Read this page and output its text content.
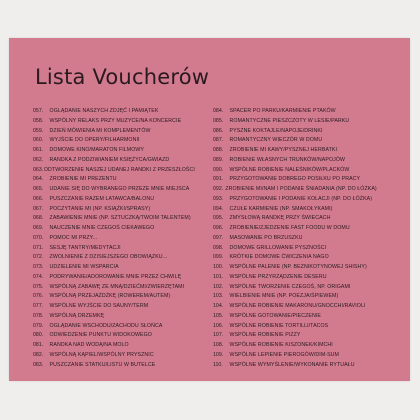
Lista Voucherów
057.	OGLĄDANIE NASZYCH ZDJĘĆ I PAMIĄTEK
058.	WSPÓLNY RELAKS PRZY MUZYCE/NA KONCERCIE
059.	DZIEŃ MÓWIENIA MI KOMPLEMENTÓW
060.	WYJŚCIE DO OPERY/FILHARMONII
061.	DOMOWE KINO/MARATON FILMOWY
062.	RANDKA Z PODZIWIANIEM KSIĘŻYCA/GWIAZD
063. ODTWORZENIE NASZEJ UDANEJ RANDKI Z PRZESZŁOŚCI
064.	ZROBIENIE MI PREZENTU
065.	UDANIE SIĘ DO WYBRANEGO PRZEZE MNIE MIEJSCA
066.	PUSZCZANIE RAZEM LATAWCA/BALONU
067.	POCZYTANIE MI (NP. KSIĄŻKI/SPRASY)
068.	ZABAWIENIE MNIE (NP. SZTUCZKĄ/TWOIM TALENTEM)
069.	NAUCZENIE MNIE CZEGOŚ CIEKAWEGO
070.	POMOC MI PRZY...
071.	SESJĘ TANTRY/MEDYTACJI
072.	ZWOLNIENIE Z DZISIEJSZEGO OBOWIĄZKU...
073.	UDZIELENIE MI WSPARCIA
074.	PODRYWANIE/ADOROWANIE MNIE PRZEZ CHWILĘ
075.	WSPÓLNĄ ZABAWĘ ZE MNĄ/DZIEĆMI/ZWIERZĘTAMI
076.	WSPÓLNĄ PRZEJAŻDŻKĘ (ROWEREM/AUTEM)
077.	WSPÓLNE WYJŚCIE DO SAUNY/TERM
078.	WSPÓLNĄ DRZEMKĘ
079.	OGLĄDANIE WSCHODU/ZACHODU SŁOŃCA
080.	ODWIEDZENIE PUNKTU WIDOKOWEGO
081.	RANDKA NAD WODĄ/NA MOLO
082.	WSPÓLNĄ KĄPIEL/WSPÓLNY PRYSZNIC
083.	PUSZCZANIE STATKU/LISTU W BUTELCE
084.	SPACER PO PARKU/KARMIENIE PTAKÓW
085.	ROMANTYCZNE PIESZCZOTY W LESIE/PARKU
086.	PYSZNE KOKTAJLE/NAPOJE/DRINKI
087.	ROMANTYCZNY WIECZÓR W DOMU
088.	ZROBIENIE MI KAWY/PYSZNEJ HERBATKI
089.	ROBIENIE WŁASNYCH TRUNKÓW/NAPOJÓW
090.	WSPÓLNE ROBIENIE NALEŚNIKÓW/PLACKÓW
091.	PRZYGOTOWANIE DOBREGO POSIŁKU PO PRACY
092. ZROBIENIE MI/NAM I PODANIE ŚNIADANIA (NP. DO ŁÓŻKA)
093.	PRZYGOTOWANIE I PODANIE KOLACJI (NP. DO ŁÓŻKA)
094.	CZUŁE KARMIENIE (NP. SMAKOŁYKAMI)
095.	ZMYSŁOWĄ RANDKĘ PRZY ŚWIECACH
096.	ZROBIENIE/ZJEDZENIE FAST FOODU W DOMU
097.	MASOWANIE PO BRZUSZKU
098.	DOMOWE GRILLOWANIE PYSZNOŚCI
099.	KRÓTKIE DOMOWE ĆWICZENIA NAGO
100.	WSPÓLNE PALENIE (NP. BEZNIKOTYNOWEJ SHISHY)
101.	WSPÓLNE PRZYRZĄDZENIE DESERU
102.	WSPÓLNE TWORZENIE CZEGOŚ, NP. ORIGAMI
103.	WIELBIENIE MNIE (NP. POEZJA/ŚPIEWEM)
104.	WSPÓLNE ROBIENIE MAKARONU/GNOCCHI/RAVIOLI
105.	WSPÓLNE GOTOWANIE/PIECZENIE
106.	WSPÓLNE ROBIENIE TORTILLI/TACOS
107.	WSPÓLNE ROBIENIE PIZZY
108.	WSPÓLNE ROBIENIE KISZONEK/KIMCHI
109.	WSPÓLNE LEPIENIE PIEROGÓW/DIM-SUM
110.	WSPÓLNE WYMYŚLENIE/WYKONANIE RYTUAŁU
